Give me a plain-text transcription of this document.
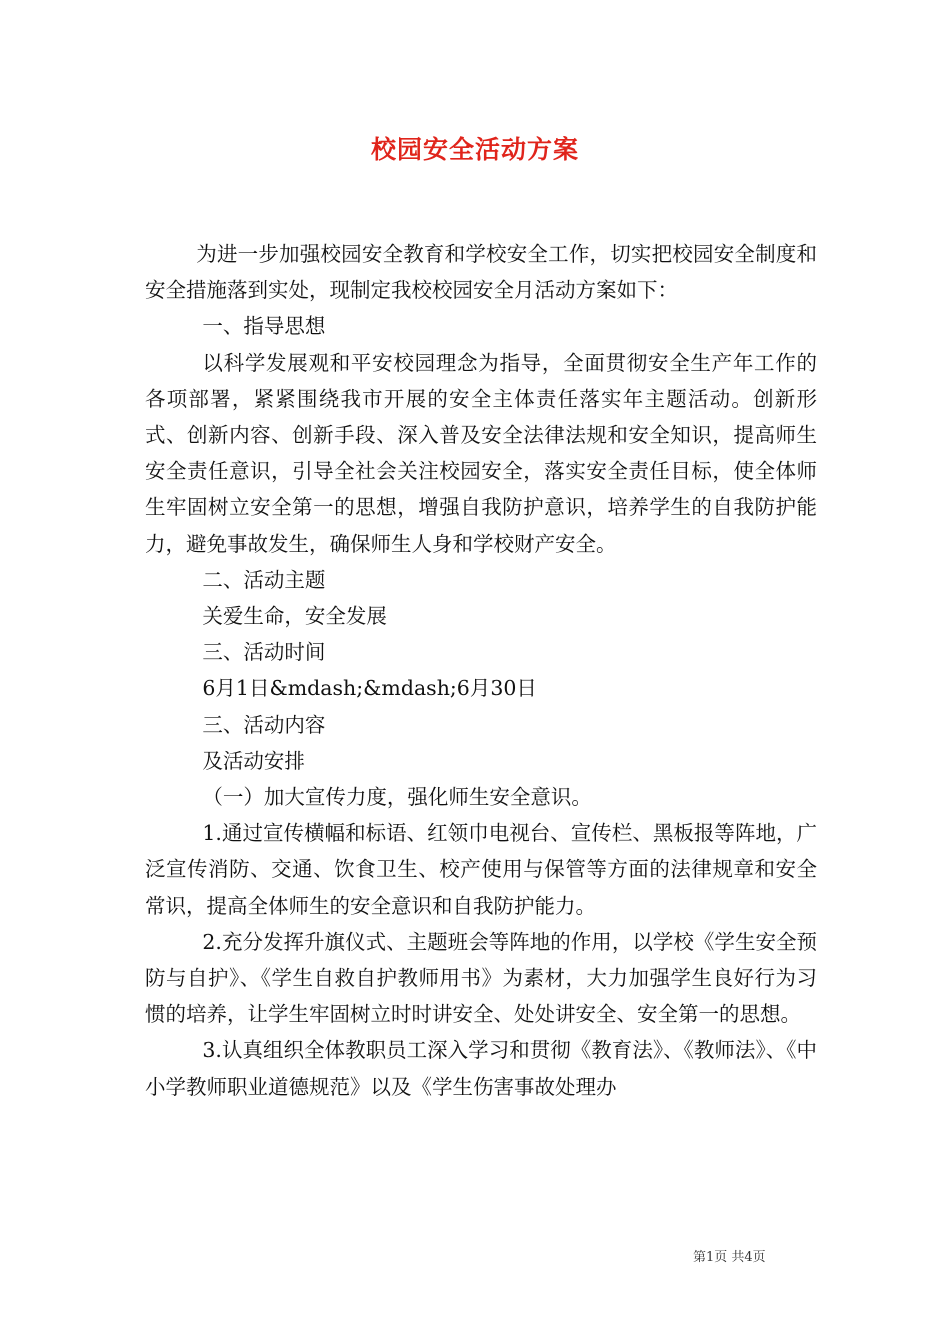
校园安全活动方案

为进一步加强校园安全教育和学校安全工作，切实把校园安全制度和安全措施落到实处，现制定我校校园安全月活动方案如下：

一、指导思想

以科学发展观和平安校园理念为指导，全面贯彻安全生产年工作的各项部署，紧紧围绕我市开展的安全主体责任落实年主题活动。创新形式、创新内容、创新手段、深入普及安全法律法规和安全知识，提高师生安全责任意识，引导全社会关注校园安全，落实安全责任目标，使全体师生牢固树立安全第一的思想，增强自我防护意识，培养学生的自我防护能力，避免事故发生，确保师生人身和学校财产安全。

二、活动主题

关爱生命，安全发展

三、活动时间

6月1日&mdash;&mdash;6月30日

三、活动内容

及活动安排

（一）加大宣传力度，强化师生安全意识。

1.通过宣传横幅和标语、红领巾电视台、宣传栏、黑板报等阵地，广泛宣传消防、交通、饮食卫生、校产使用与保管等方面的法律规章和安全常识，提高全体师生的安全意识和自我防护能力。

2.充分发挥升旗仪式、主题班会等阵地的作用，以学校《学生安全预防与自护》、《学生自救自护教师用书》为素材，大力加强学生良好行为习惯的培养，让学生牢固树立时时讲安全、处处讲安全、安全第一的思想。

3.认真组织全体教职员工深入学习和贯彻《教育法》、《教师法》、《中小学教师职业道德规范》以及《学生伤害事故处理办

第1页 共4页
